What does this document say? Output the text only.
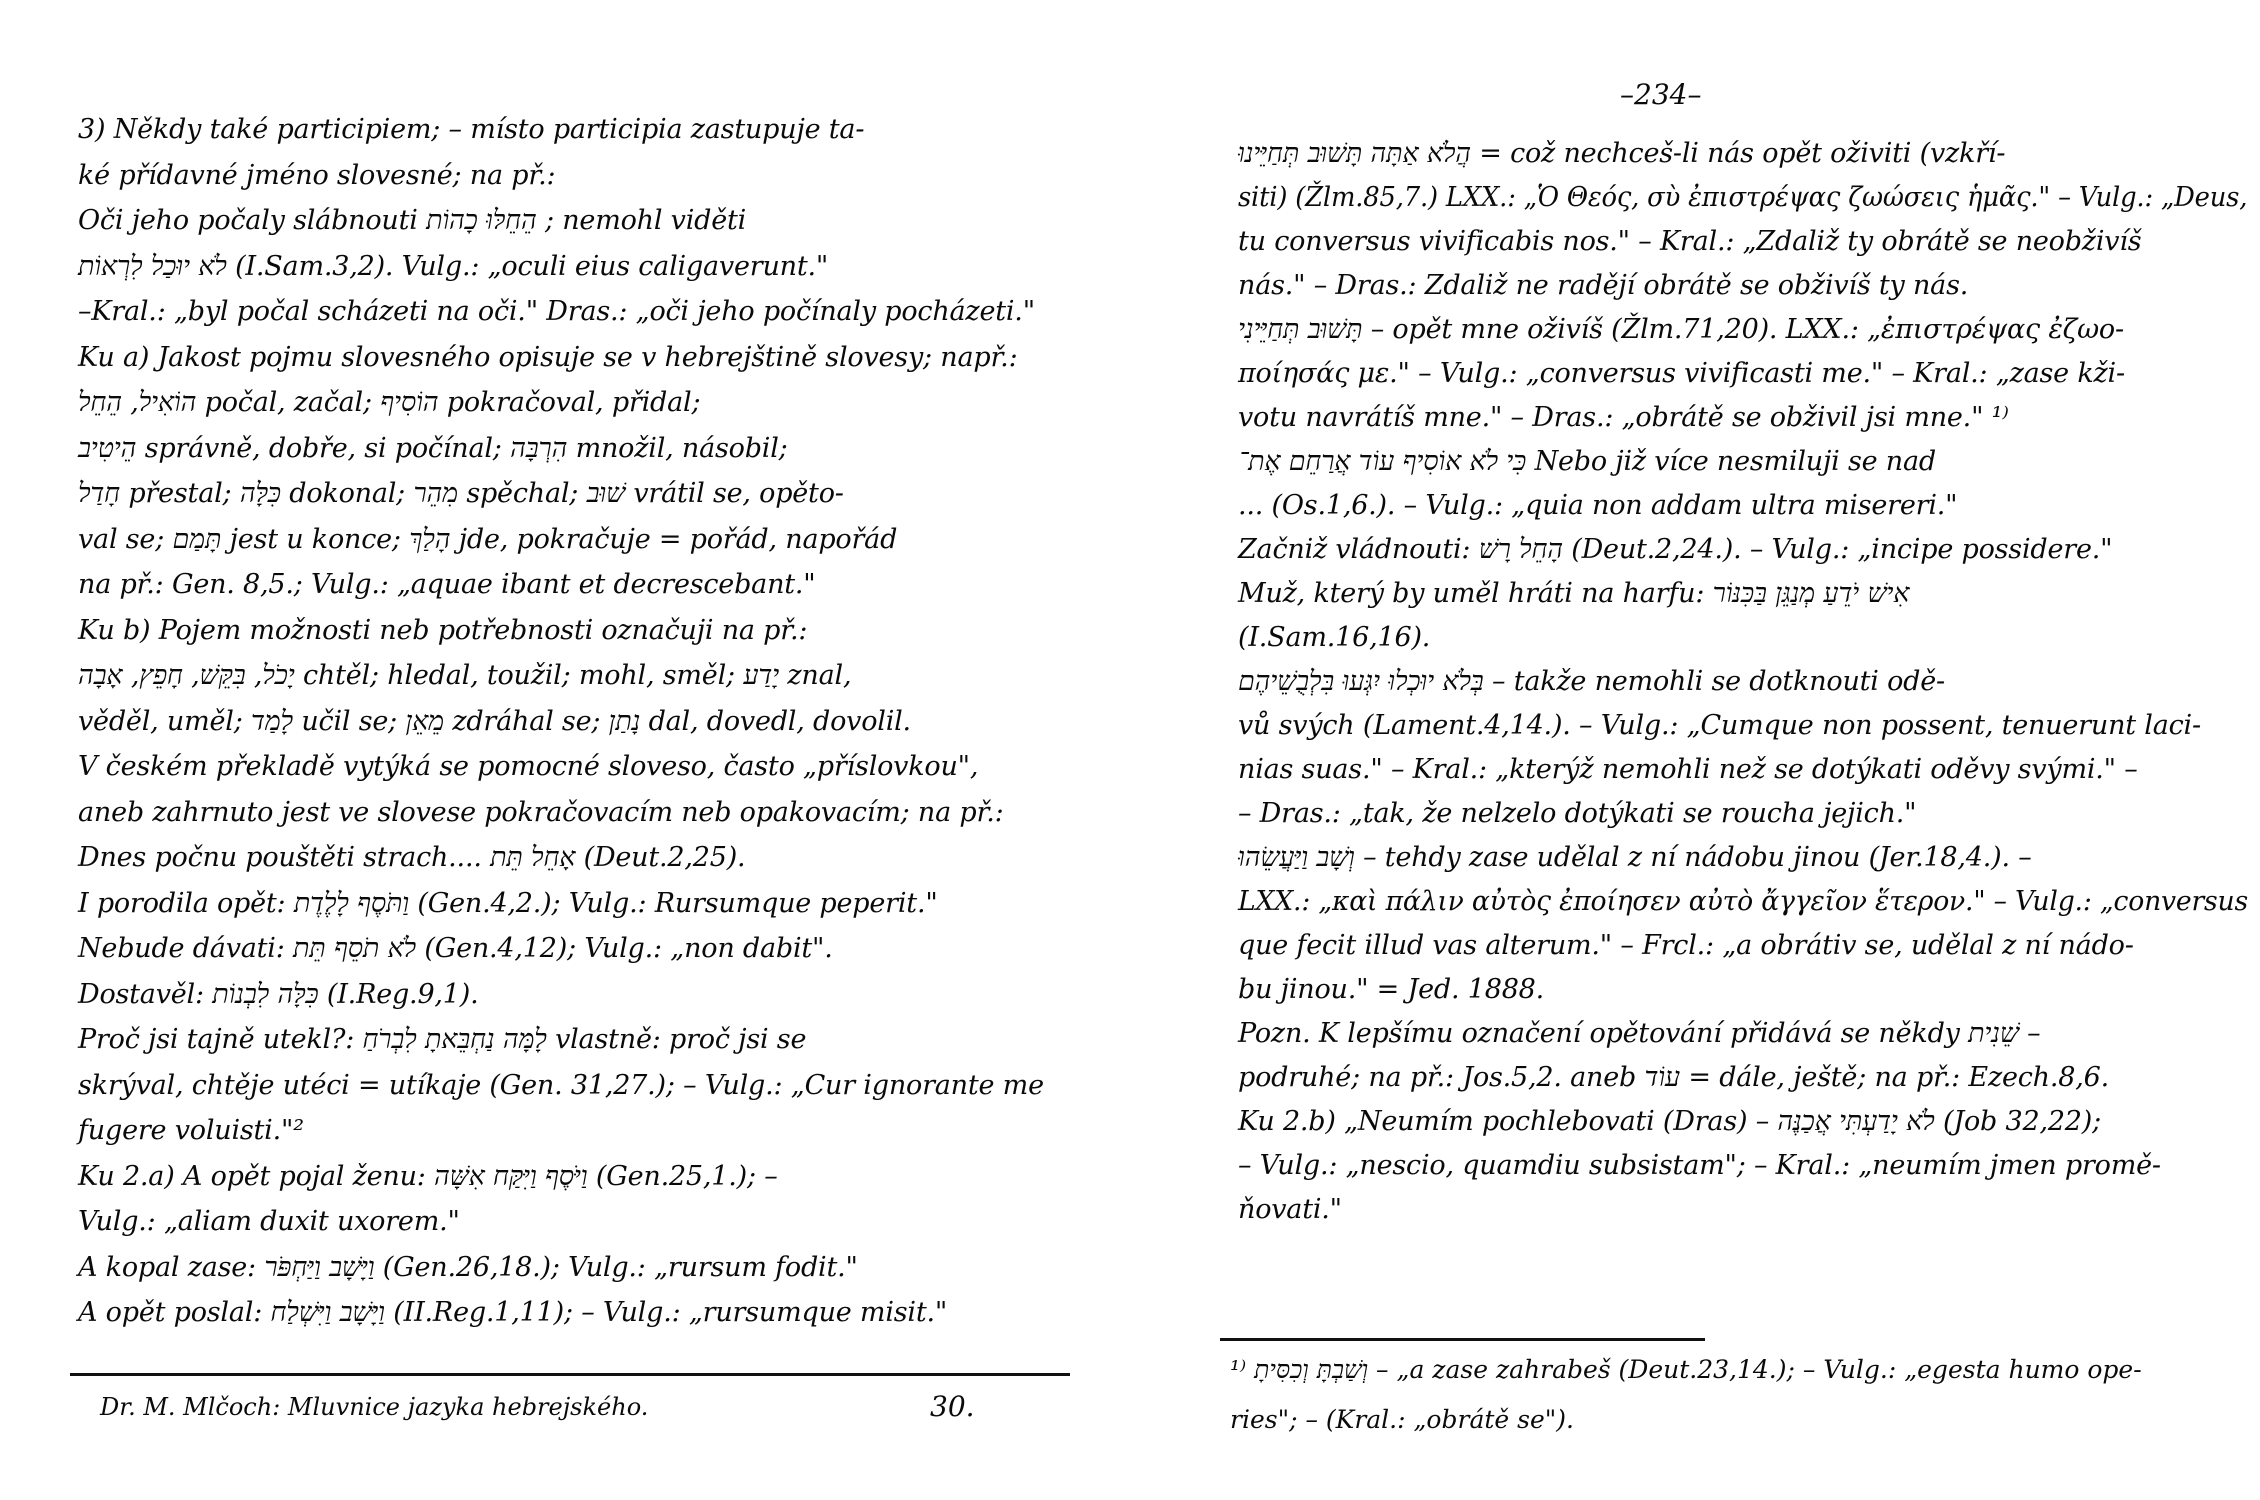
3) Někdy také participiem; – místo participia zastupuje ta-
ké přídavné jméno slovesné; na př.:
Oči jeho počaly slábnouti הֵחֵלּוּ כָהוֹת ; nemohl viděti
לֹא יוּכַל לִרְאוֹת (I.Sam.3,2). Vulg.: „oculi eius caligaverunt."
–Kral.: „byl počal scházeti na oči." Dras.: „oči jeho počínaly pocházeti."
Ku a) Jakost pojmu slovesného opisuje se v hebrejštině slovesy; např.:
הוֹאִיל, הֵחֵל počal, začal; הוֹסִיף pokračoval, přidal;
הֵיטִיב správně, dobře, si počínal; הִרְבָּה množil, násobil;
חָדַל přestal; כִּלָּה dokonal; מִהֵר spěchal; שׁוּב vrátil se, opěto-
val se; תָּמַם jest u konce; הָלַךְ jde, pokračuje = pořád, napořád
na př.: Gen. 8,5.; Vulg.: „aquae ibant et decrescebant."
Ku b) Pojem možnosti neb potřebnosti označuji na př.:
יָכֹל, בִּקֵּשׁ, חָפֵץ, אָבָה chtěl; hledal, toužil; mohl, směl; יָדַע znal,
věděl, uměl; לָמַד učil se; מֵאֵן zdráhal se; נָתַן dal, dovedl, dovolil.
V českém překladě vytýká se pomocné sloveso, často „příslovkou",
aneb zahrnuto jest ve slovese pokračovacím neb opakovacím; na př.:
Dnes počnu pouštěti strach.... אָחֵל תֵּת (Deut.2,25).
I porodila opět: וַתֹּסֶף לָלֶדֶת (Gen.4,2.); Vulg.: Rursumque peperit."
Nebude dávati: לֹא תֹסֵף תֵּת (Gen.4,12); Vulg.: „non dabit".
Dostavěl: כִּלָּה לִבְנוֹת (I.Reg.9,1).
Proč jsi tajně utekl?: לָמָּה נַחְבֵּאתָ לִבְרֹחַ vlastně: proč jsi se
skrýval, chtěje utéci = utíkaje (Gen. 31,27.); – Vulg.: „Cur ignorante me
fugere voluisti."²
Ku 2.a) A opět pojal ženu: וַיֹּסֶף וַיִּקַּח אִשָּׁה (Gen.25,1.); –
Vulg.: „aliam duxit uxorem."
A kopal zase: וַיָּשָׁב וַיַּחְפֹּר (Gen.26,18.); Vulg.: „rursum fodit."
A opět poslal: וַיָּשָׁב וַיִּשְׁלַח (II.Reg.1,11); – Vulg.: „rursumque misit."
Dr. M. Mlčoch: Mluvnice jazyka hebrejského.	30.
–234–
הֲלֹא אַתָּה תָּשׁוּב תְּחַיֵּינוּ = což nechceš-li nás opět oživiti (vzkří-
siti) (Žlm.85,7.) LXX.: „Ὁ Θεός, σὺ ἐπιστρέψας ζωώσεις ἡμᾶς." – Vulg.: „Deus,
tu conversus vivificabis nos." – Kral.: „Zdaliž ty obrátě se neobživíš
nás." – Dras.: Zdaliž ne radějí obrátě se obživíš ty nás.
תָּשׁוּב תְּחַיֵּינִי – opět mne oživíš (Žlm.71,20). LXX.: „ἐπιστρέψας ἐζωο-
ποίησάς με." – Vulg.: „conversus vivificasti me." – Kral.: „zase kži-
votu navrátíš mne." – Dras.: „obrátě se obživil jsi mne." ¹⁾
כִּי לֹא אוֹסִיף עוֹד אֲרַחֵם אֶת־ Nebo již více nesmiluji se nad
... (Os.1,6.). – Vulg.: „quia non addam ultra misereri."
Začniž vládnouti: הָחֵל רָשׁ (Deut.2,24.). – Vulg.: „incipe possidere."
Muž, který by uměl hráti na harfu: אִישׁ יֹדֵעַ מְנַגֵּן בַּכִּנּוֹר
(I.Sam.16,16).
בְּלֹא יוּכְלוּ יִגְּעוּ בִּלְבֻשֵׁיהֶם – takže nemohli se dotknouti odě-
vů svých (Lament.4,14.). – Vulg.: „Cumque non possent, tenuerunt laci-
nias suas." – Kral.: „kterýž nemohli než se dotýkati oděvy svými." –
– Dras.: „tak, že nelzelo dotýkati se roucha jejich."
וְשָׁב וַיַּעֲשֵׂהוּ – tehdy zase udělal z ní nádobu jinou (Jer.18,4.). –
LXX.: „καὶ πάλιν αὐτὸς ἐποίησεν αὐτὸ ἄγγεῖον ἕτερον." – Vulg.: „conversus
que fecit illud vas alterum." – Frcl.: „a obrátiv se, udělal z ní nádo-
bu jinou." = Jed. 1888.
Pozn. K lepšímu označení opětování přidává se někdy שֵׁנִית –
podruhé; na př.: Jos.5,2. aneb עוֹד = dále, ještě; na př.: Ezech.8,6.
Ku 2.b) „Neumím pochlebovati (Dras) – לֹא יָדַעְתִּי אֲכַנֶּה (Job 32,22);
– Vulg.: „nescio, quamdiu subsistam"; – Kral.: „neumím jmen promě-
ňovati."
¹⁾ וְשַׁבְתָּ וְכִסִּיתָ – „a zase zahrabeš (Deut.23,14.); – Vulg.: „egesta humo ope-
ries"; – (Kral.: „obrátě se").
